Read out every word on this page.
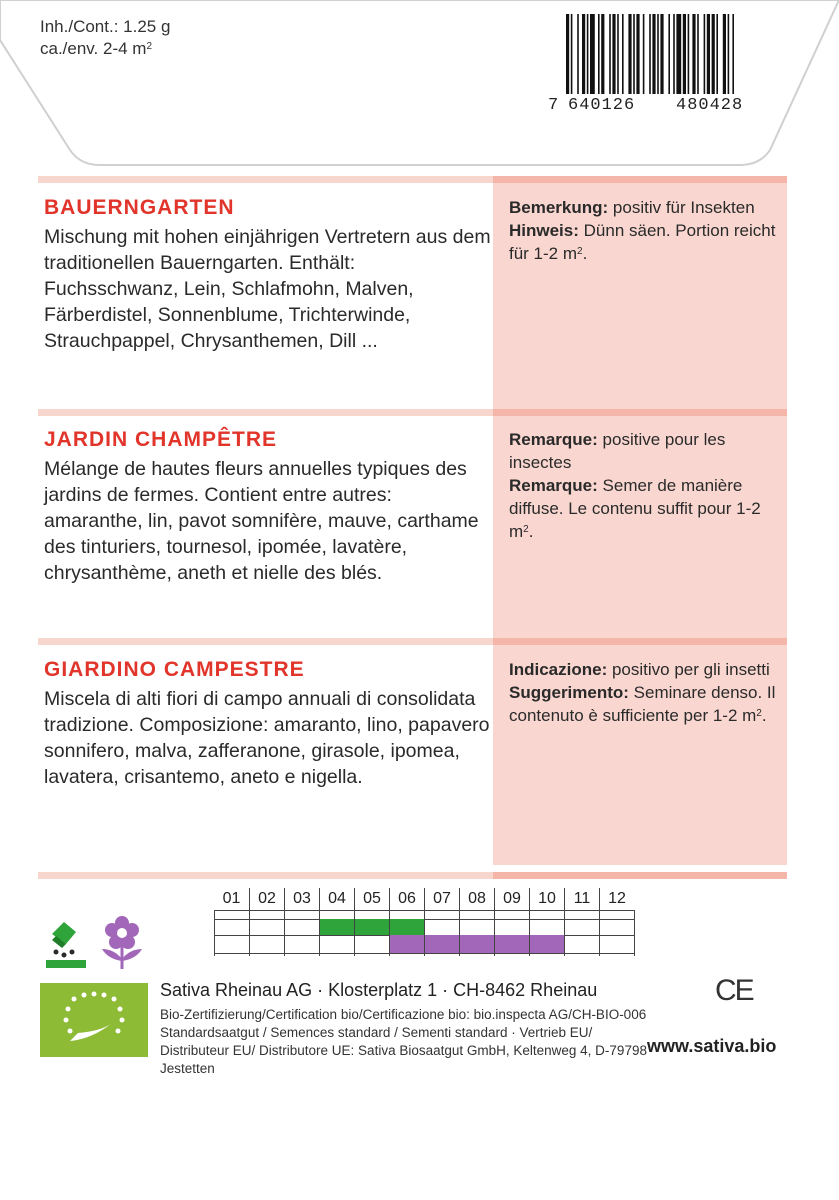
Inh./Cont.: 1.25 g
ca./env. 2-4 $m^2$
7 640126 480428
BAUERNGARTEN
Mischung mit hohen einjährigen Vertretern aus dem traditionellen Bauerngarten. Enthält: Fuchsschwanz, Lein, Schlafmohn, Malven, Färberdistel, Sonnenblume, Trichterwinde, Strauchpappel, Chrysanthemen, Dill ...
Bemerkung: positiv für Insekten
Hinweis: Dünn säen. Portion reicht für 1-2 $m^2$.
JARDIN CHAMPÊTRE
Mélange de hautes fleurs annuelles typiques des jardins de fermes. Contient entre autres: amaranthe, lin, pavot somnifère, mauve, carthame des tinturiers, tournesol, ipomée, lavatère, chrysanthème, aneth et nielle des blés.
Remarque: positive pour les insectes
Remarque: Semer de manière diffuse. Le contenu suffit pour 1-2 $m^2$.
GIARDINO CAMPESTRE
Miscela di alti fiori di campo annuali di consolidata tradizione. Composizione: amaranto, lino, papavero sonnifero, malva, zafferanone, girasole, ipomea, lavatera, crisantemo, aneto e nigella.
Indicazione: positivo per gli insetti
Suggerimento: Seminare denso. Il contenuto è sufficiente per 1-2 $m^2$.
01	02	03	04	05	06	07	08	09	10	11	12
Sativa Rheinau AG · Klosterplatz 1 · CH-8462 Rheinau	CE
Bio-Zertifizierung/Certification bio/Certificazione bio: bio.inspecta AG/CH-BIO-006
Standardsaatgut / Semences standard / Sementi standard · Vertrieb EU/ Distributeur EU/ Distributore UE: Sativa Biosaatgut GmbH, Keltenweg 4, D-79798 Jestetten
www.sativa.bio
